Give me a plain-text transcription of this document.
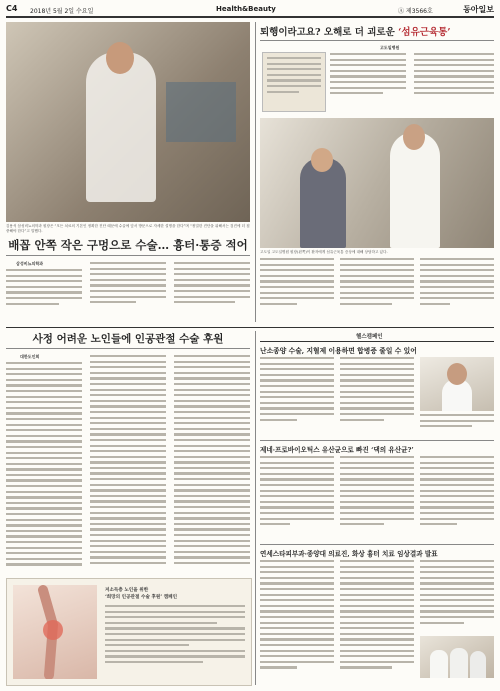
C4 2018년 5월 2일 수요일	Health&Beauty	Ⓐ 제3566호	동아일보
김용석 삼성비뇨의학과 원장은 “모든 치료의 기본인 정확한 진단 때문에 수술에 앞서 방문으로 자세한 설명을 한다”며 “정밀한 진단을 위해서는 검진에 더 집중해야 한다”고 말했다.
배꼽 안쪽 작은 구멍으로 수술… 흉터·통증 적어
삼성비뇨의학과
퇴행이라고요? 오해로 더 괴로운 ‘섬유근육통’
고도일병원
고도일 고도일병원 원장(왼쪽)이 환자에게 섬유근육통 증상에 대해 상담하고 있다.
사정 어려운 노인들에 인공관절 수술 후원
대한도인회
저소득층 노인을 위한
‘희망의 인공관절 수술 후원’ 캠페인
헬스캠페인
난소종양 수술, 지혈제 이용하면 합병증 줄일 수 있어
제네·프로바이오틱스 유산균으로 빠진 ‘댁의 유산균?’
연세스타피부과·종양대 의료진, 화상 흉터 치료 임상결과 발표
